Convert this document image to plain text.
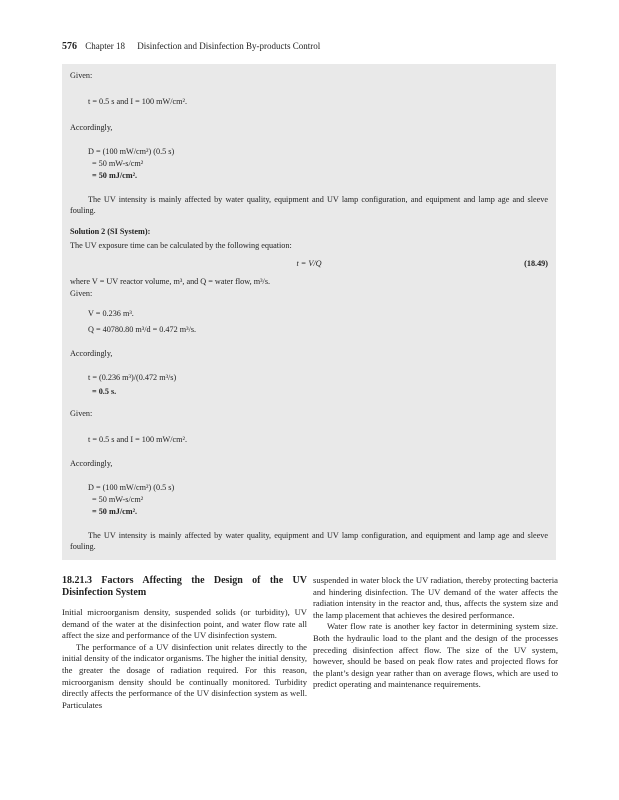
576 Chapter 18 Disinfection and Disinfection By-products Control
Given:
t = 0.5 s and I = 100 mW/cm².
Accordingly,
D = (100 mW/cm²) (0.5 s)
= 50 mW-s/cm²
= 50 mJ/cm².
The UV intensity is mainly affected by water quality, equipment and UV lamp configuration, and equipment and lamp age and sleeve fouling.
Solution 2 (SI System):
The UV exposure time can be calculated by the following equation:
t = V/Q	(18.49)
where V = UV reactor volume, m³, and Q = water flow, m³/s.
Given:
V = 0.236 m³.
Q = 40780.80 m³/d = 0.472 m³/s.
Accordingly,
t = (0.236 m³)/(0.472 m³/s)
= 0.5 s.
Given:
t = 0.5 s and I = 100 mW/cm².
Accordingly,
D = (100 mW/cm²) (0.5 s)
= 50 mW-s/cm²
= 50 mJ/cm².
The UV intensity is mainly affected by water quality, equipment and UV lamp configuration, and equipment and lamp age and sleeve fouling.
18.21.3 Factors Affecting the Design of the UV Disinfection System

Initial microorganism density, suspended solids (or turbidity), UV demand of the water at the disinfection point, and water flow rate all affect the size and performance of the UV disinfection system.

The performance of a UV disinfection unit relates directly to the initial density of the indicator organisms. The higher the initial density, the greater the dosage of radiation required. For this reason, microorganism density should be continually monitored. Turbidity directly affects the performance of the UV disinfection system as well. Particulates

suspended in water block the UV radiation, thereby protecting bacteria and hindering disinfection. The UV demand of the water affects the radiation intensity in the reactor and, thus, affects the system size and the lamp placement that achieves the desired performance.

Water flow rate is another key factor in determining system size. Both the hydraulic load to the plant and the design of the processes preceding disinfection affect flow. The size of the UV system, however, should be based on peak flow rates and projected flows for the plant’s design year rather than on average flows, which are used to predict operating and maintenance requirements.
